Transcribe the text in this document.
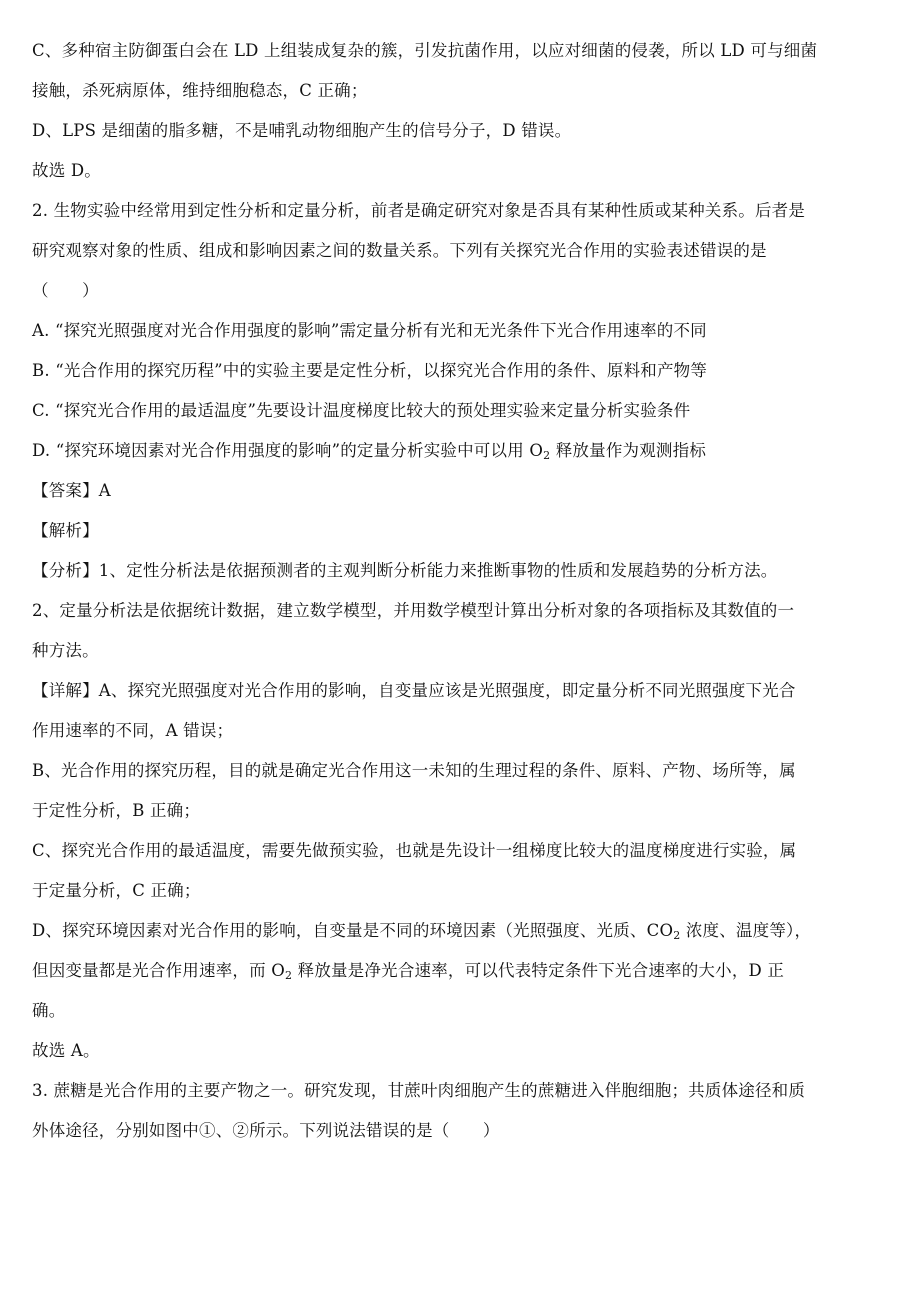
C、多种宿主防御蛋白会在 LD 上组装成复杂的簇，引发抗菌作用，以应对细菌的侵袭，所以 LD 可与细菌
接触，杀死病原体，维持细胞稳态，C 正确；
D、LPS 是细菌的脂多糖，不是哺乳动物细胞产生的信号分子，D 错误。
故选 D。
2. 生物实验中经常用到定性分析和定量分析，前者是确定研究对象是否具有某种性质或某种关系。后者是
研究观察对象的性质、组成和影响因素之间的数量关系。下列有关探究光合作用的实验表述错误的是
（　　）
A. “探究光照强度对光合作用强度的影响”需定量分析有光和无光条件下光合作用速率的不同
B. “光合作用的探究历程”中的实验主要是定性分析，以探究光合作用的条件、原料和产物等
C. “探究光合作用的最适温度”先要设计温度梯度比较大的预处理实验来定量分析实验条件
D. “探究环境因素对光合作用强度的影响”的定量分析实验中可以用 $O_2$ 释放量作为观测指标
【答案】A
【解析】
【分析】1、定性分析法是依据预测者的主观判断分析能力来推断事物的性质和发展趋势的分析方法。
2、定量分析法是依据统计数据，建立数学模型，并用数学模型计算出分析对象的各项指标及其数值的一
种方法。
【详解】A、探究光照强度对光合作用的影响，自变量应该是光照强度，即定量分析不同光照强度下光合
作用速率的不同，A 错误；
B、光合作用的探究历程，目的就是确定光合作用这一未知的生理过程的条件、原料、产物、场所等，属
于定性分析，B 正确；
C、探究光合作用的最适温度，需要先做预实验，也就是先设计一组梯度比较大的温度梯度进行实验，属
于定量分析，C 正确；
D、探究环境因素对光合作用的影响，自变量是不同的环境因素（光照强度、光质、$CO_2$ 浓度、温度等），
但因变量都是光合作用速率，而 $O_2$ 释放量是净光合速率，可以代表特定条件下光合速率的大小，D 正
确。
故选 A。
3. 蔗糖是光合作用的主要产物之一。研究发现，甘蔗叶肉细胞产生的蔗糖进入伴胞细胞；共质体途径和质
外体途径，分别如图中①、②所示。下列说法错误的是（　　）
